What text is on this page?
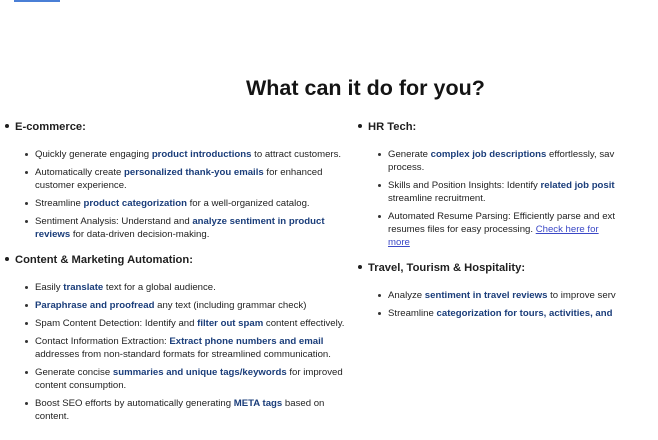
What can it do for you?
E-commerce:
Quickly generate engaging product introductions to attract customers.
Automatically create personalized thank-you emails for enhanced customer experience.
Streamline product categorization for a well-organized catalog.
Sentiment Analysis: Understand and analyze sentiment in product reviews for data-driven decision-making.
Content & Marketing Automation:
Easily translate text for a global audience.
Paraphrase and proofread any text (including grammar check)
Spam Content Detection: Identify and filter out spam content effectively.
Contact Information Extraction: Extract phone numbers and email addresses from non-standard formats for streamlined communication.
Generate concise summaries and unique tags/keywords for improved content consumption.
Boost SEO efforts by automatically generating META tags based on content.
HR Tech:
Generate complex job descriptions effortlessly, sav process.
Skills and Position Insights: Identify related job posit streamline recruitment.
Automated Resume Parsing: Efficiently parse and ext resumes files for easy processing. Check here for more
Travel, Tourism & Hospitality:
Analyze sentiment in travel reviews to improve serv
Streamline categorization for tours, activities, and
